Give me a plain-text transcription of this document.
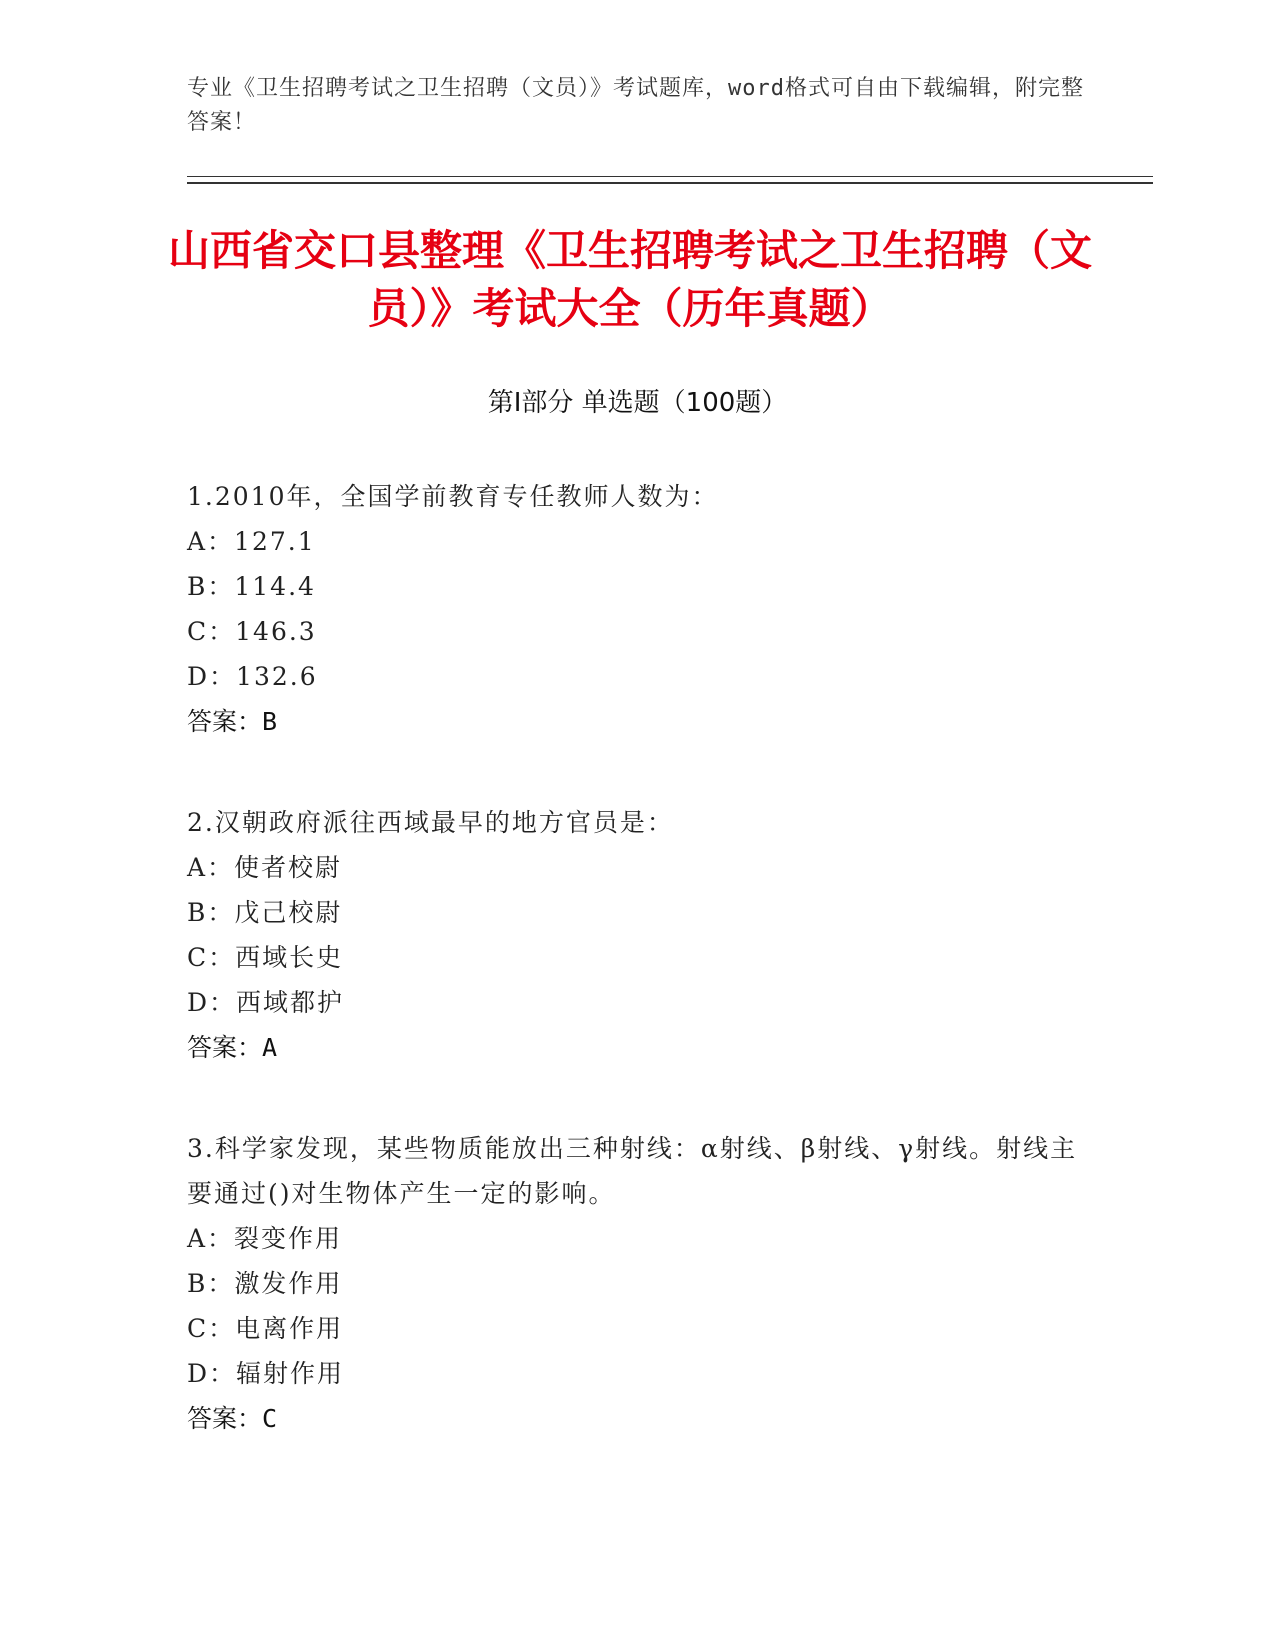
专业《卫生招聘考试之卫生招聘（文员）》考试题库，word格式可自由下载编辑，附完整答案！
山西省交口县整理《卫生招聘考试之卫生招聘（文员）》考试大全（历年真题）
第Ⅰ部分 单选题（100题）

1.2010年，全国学前教育专任教师人数为：

A：127.1

B：114.4

C：146.3

D：132.6

答案：B

2.汉朝政府派往西域最早的地方官员是：

A：使者校尉

B：戊己校尉

C：西域长史

D：西域都护

答案：A

3.科学家发现，某些物质能放出三种射线：α射线、β射线、γ射线。射线主要通过()对生物体产生一定的影响。

A：裂变作用

B：激发作用

C：电离作用

D：辐射作用

答案：C
